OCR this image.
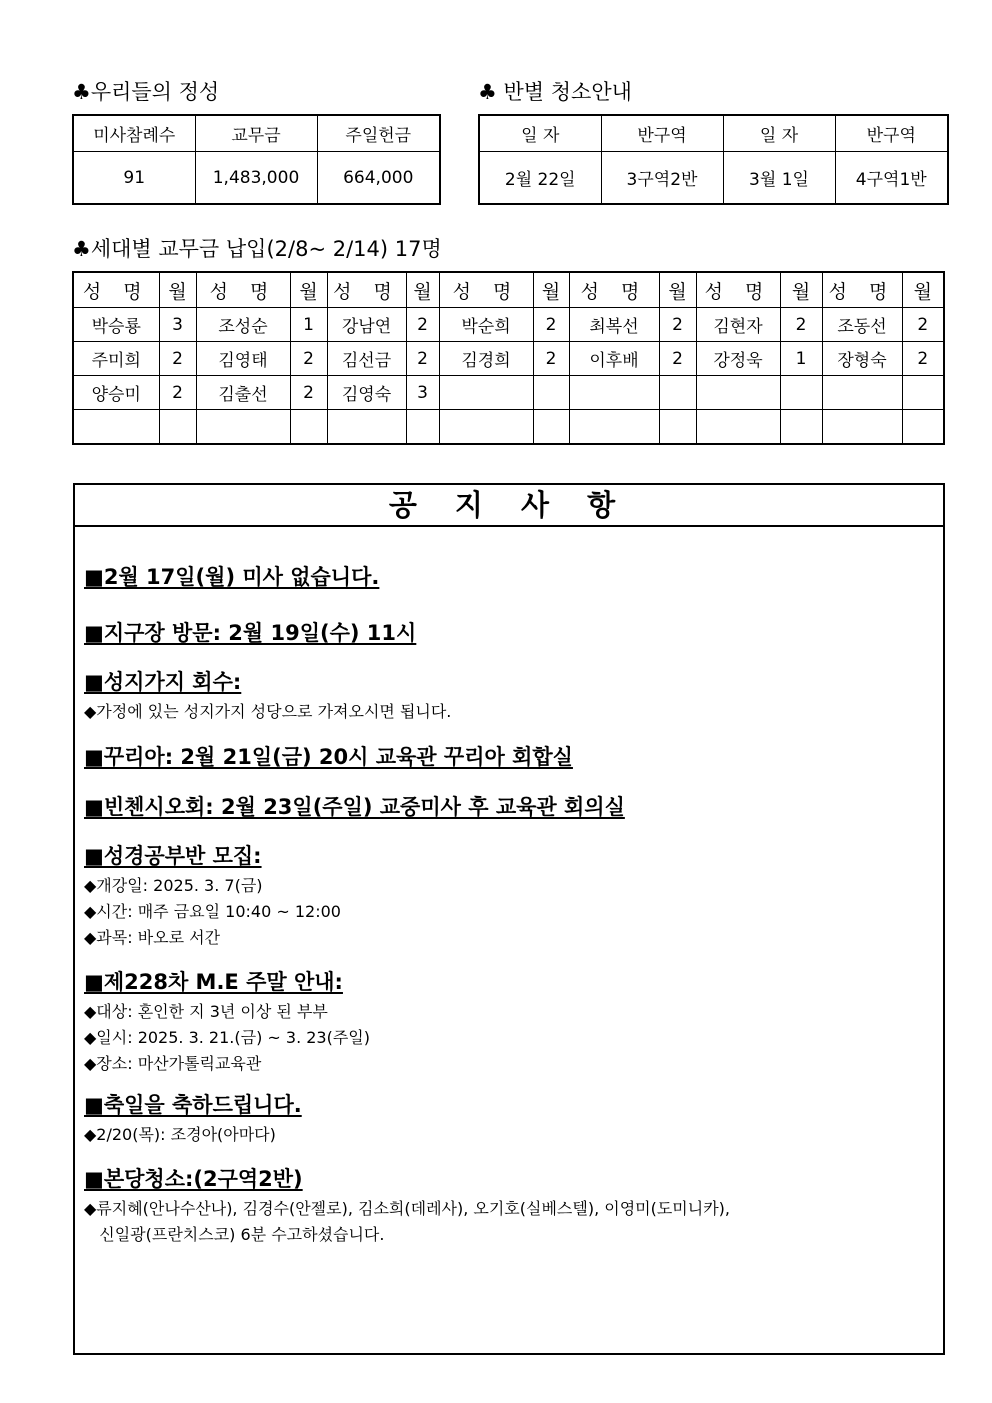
♣우리들의 정성
미사참례수	교무금	주일헌금
91	1,483,000	664,000
♣ 반별 청소안내
일 자	반구역	일 자	반구역
2월 22일	3구역2반	3월 1일	4구역1반
♣세대별 교무금 납입(2/8~ 2/14) 17명
성 명	월	성 명	월	성 명	월	성 명	월	성 명	월	성 명	월	성 명	월
박승룡	3	조성순	1	강남연	2	박순희	2	최복선	2	김현자	2	조동선	2
주미희	2	김영태	2	김선금	2	김경희	2	이후배	2	강정욱	1	장형숙	2
양승미	2	김출선	2	김영숙	3								

공 지 사 항
■2월 17일(월) 미사 없습니다.
■지구장 방문: 2월 19일(수) 11시
■성지가지 회수:
◆가정에 있는 성지가지 성당으로 가져오시면 됩니다.
■꾸리아: 2월 21일(금) 20시 교육관 꾸리아 회합실
■빈첸시오회: 2월 23일(주일) 교중미사 후 교육관 회의실
■성경공부반 모집:
◆개강일: 2025. 3. 7(금)
◆시간: 매주 금요일 10:40 ~ 12:00
◆과목: 바오로 서간
■제228차 M.E 주말 안내:
◆대상: 혼인한 지 3년 이상 된 부부
◆일시: 2025. 3. 21.(금) ~ 3. 23(주일)
◆장소: 마산가톨릭교육관
■축일을 축하드립니다.
◆2/20(목): 조경아(아마다)
■본당청소:(2구역2반)
◆류지혜(안나수산나), 김경수(안젤로), 김소희(데레사), 오기호(실베스텔), 이영미(도미니카),
신일광(프란치스코) 6분 수고하셨습니다.
